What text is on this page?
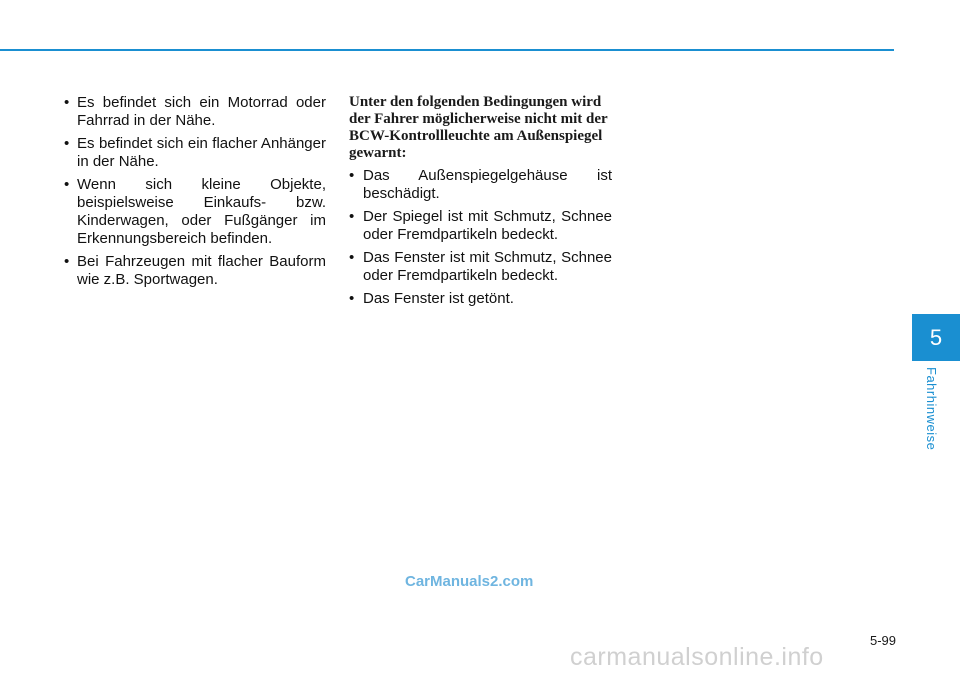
• Es befindet sich ein Motorrad oder Fahrrad in der Nähe.
• Es befindet sich ein flacher Anhänger in der Nähe.
• Wenn sich kleine Objekte, beispielsweise Einkaufs- bzw. Kinderwagen, oder Fußgänger im Erkennungsbereich befinden.
• Bei Fahrzeugen mit flacher Bauform wie z.B. Sportwagen.

Unter den folgenden Bedingungen wird der Fahrer möglicherweise nicht mit der BCW-Kontrollleuchte am Außenspiegel gewarnt:

• Das Außenspiegelgehäuse ist beschädigt.
• Der Spiegel ist mit Schmutz, Schnee oder Fremdpartikeln bedeckt.
• Das Fenster ist mit Schmutz, Schnee oder Fremdpartikeln bedeckt.
• Das Fenster ist getönt.
5
Fahrhinweise
CarManuals2.com
5-99
carmanualsonline.info
